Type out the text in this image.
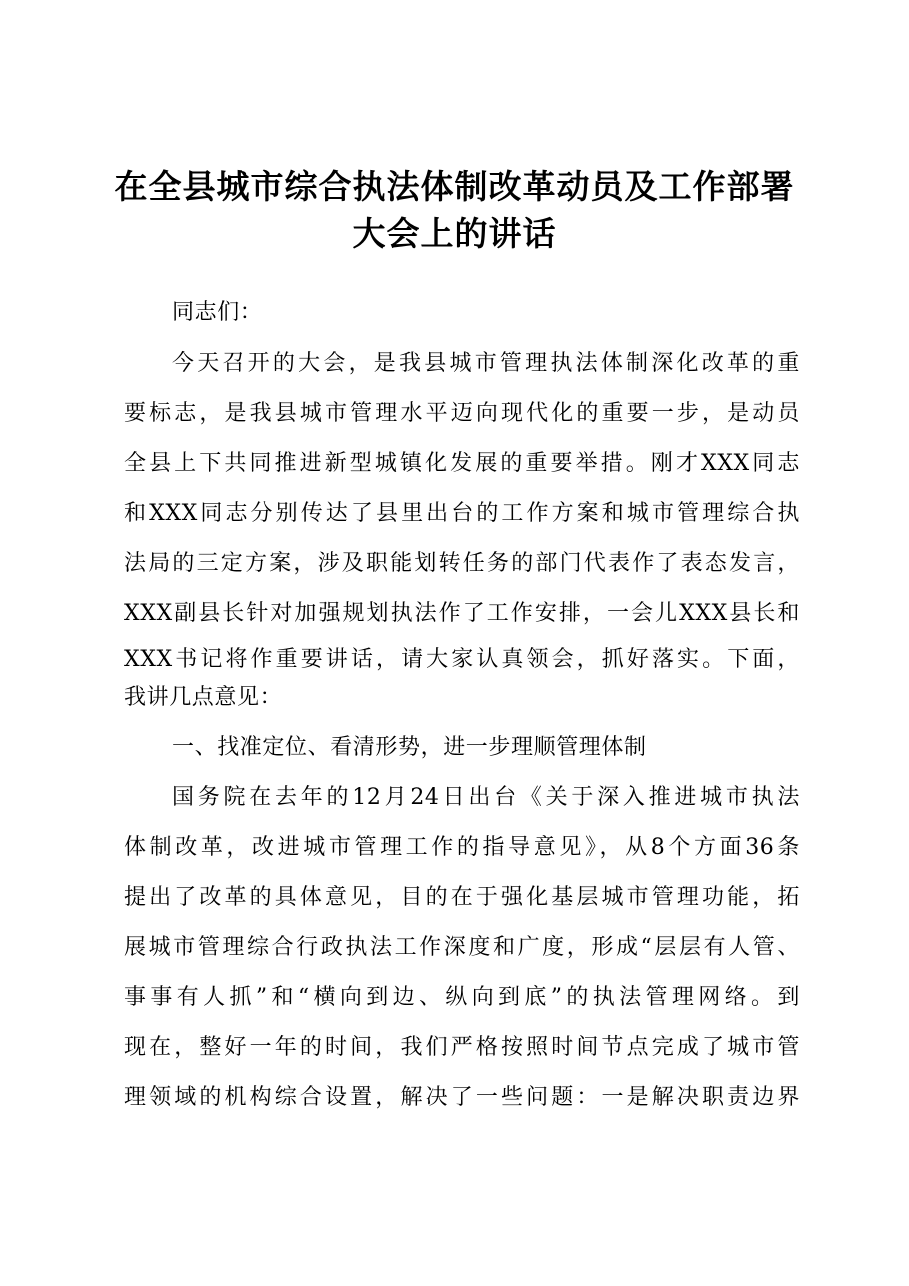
在全县城市综合执法体制改革动员及工作部署
大会上的讲话
同志们：
今天召开的大会，是我县城市管理执法体制深化改革的重
要标志，是我县城市管理水平迈向现代化的重要一步，是动员
全县上下共同推进新型城镇化发展的重要举措。刚才XXX同志
和XXX同志分别传达了县里出台的工作方案和城市管理综合执
法局的三定方案，涉及职能划转任务的部门代表作了表态发言，
XXX副县长针对加强规划执法作了工作安排，一会儿XXX县长和
XXX书记将作重要讲话，请大家认真领会，抓好落实。下面，
我讲几点意见：
一、找准定位、看清形势，进一步理顺管理体制
国务院在去年的12月24日出台《关于深入推进城市执法
体制改革，改进城市管理工作的指导意见》，从8个方面36条
提出了改革的具体意见，目的在于强化基层城市管理功能，拓
展城市管理综合行政执法工作深度和广度，形成“层层有人管、
事事有人抓”和“横向到边、纵向到底”的执法管理网络。到
现在，整好一年的时间，我们严格按照时间节点完成了城市管
理领域的机构综合设置，解决了一些问题：一是解决职责边界
